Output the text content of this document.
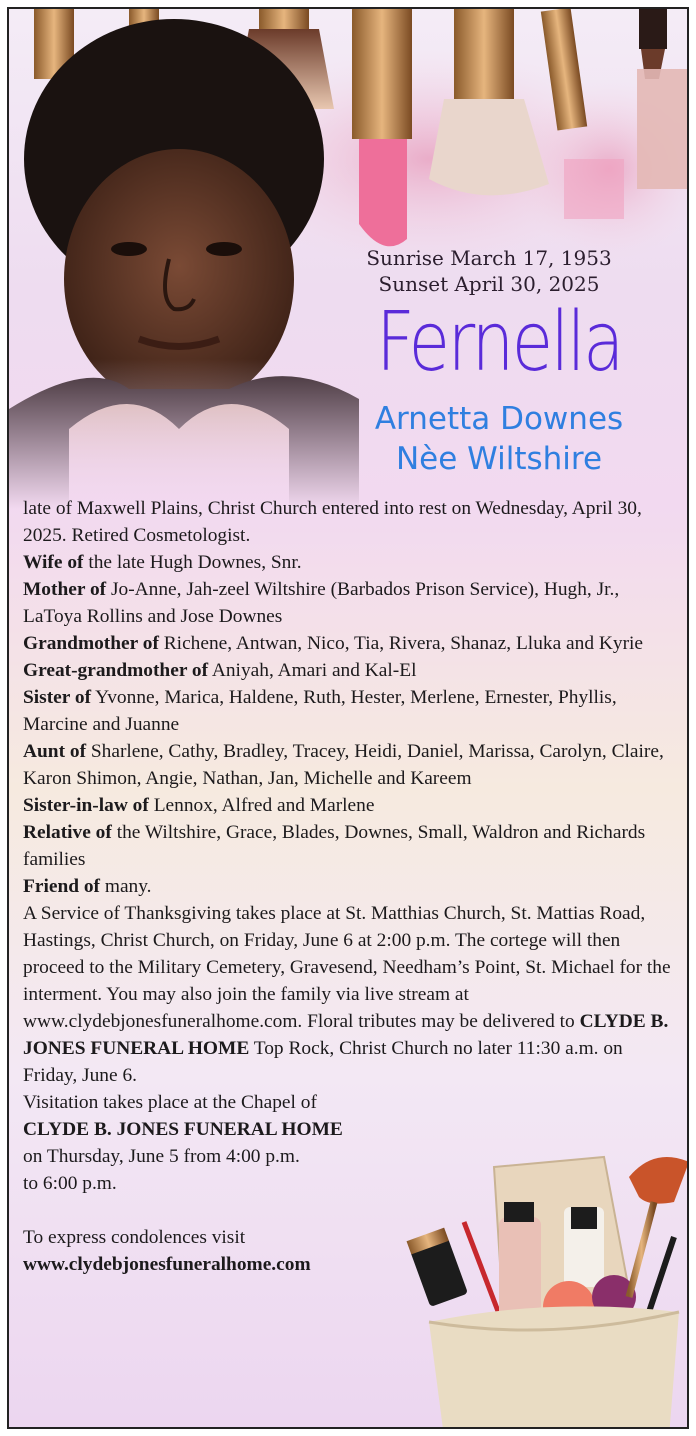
Sunrise March 17, 1953
Sunset April 30, 2025
Fernella
Arnetta Downes
Nèe Wiltshire

late of Maxwell Plains, Christ Church entered into rest on Wednesday, April 30, 2025. Retired Cosmetologist.

Wife of the late Hugh Downes, Snr.

Mother of Jo-Anne, Jah-zeel Wiltshire (Barbados Prison Service), Hugh, Jr., LaToya Rollins and Jose Downes

Grandmother of Richene, Antwan, Nico, Tia, Rivera, Shanaz, Lluka and Kyrie

Great-grandmother of Aniyah, Amari and Kal-El

Sister of Yvonne, Marica, Haldene, Ruth, Hester, Merlene, Ernester, Phyllis, Marcine and Juanne

Aunt of Sharlene, Cathy, Bradley, Tracey, Heidi, Daniel, Marissa, Carolyn, Claire, Karon Shimon, Angie, Nathan, Jan, Michelle and Kareem

Sister-in-law of Lennox, Alfred and Marlene

Relative of the Wiltshire, Grace, Blades, Downes, Small, Waldron and Richards families

Friend of many.

A Service of Thanksgiving takes place at St. Matthias Church, St. Mattias Road, Hastings, Christ Church, on Friday, June 6 at 2:00 p.m. The cortege will then proceed to the Military Cemetery, Gravesend, Needham’s Point, St. Michael for the interment. You may also join the family via live stream at www.clydebjonesfuneralhome.com. Floral tributes may be delivered to CLYDE B. JONES FUNERAL HOME Top Rock, Christ Church no later 11:30 a.m. on Friday, June 6.

Visitation takes place at the Chapel of

CLYDE B. JONES FUNERAL HOME

on Thursday, June 5 from 4:00 p.m.

to 6:00 p.m.

To express condolences visit

www.clydebjonesfuneralhome.com
